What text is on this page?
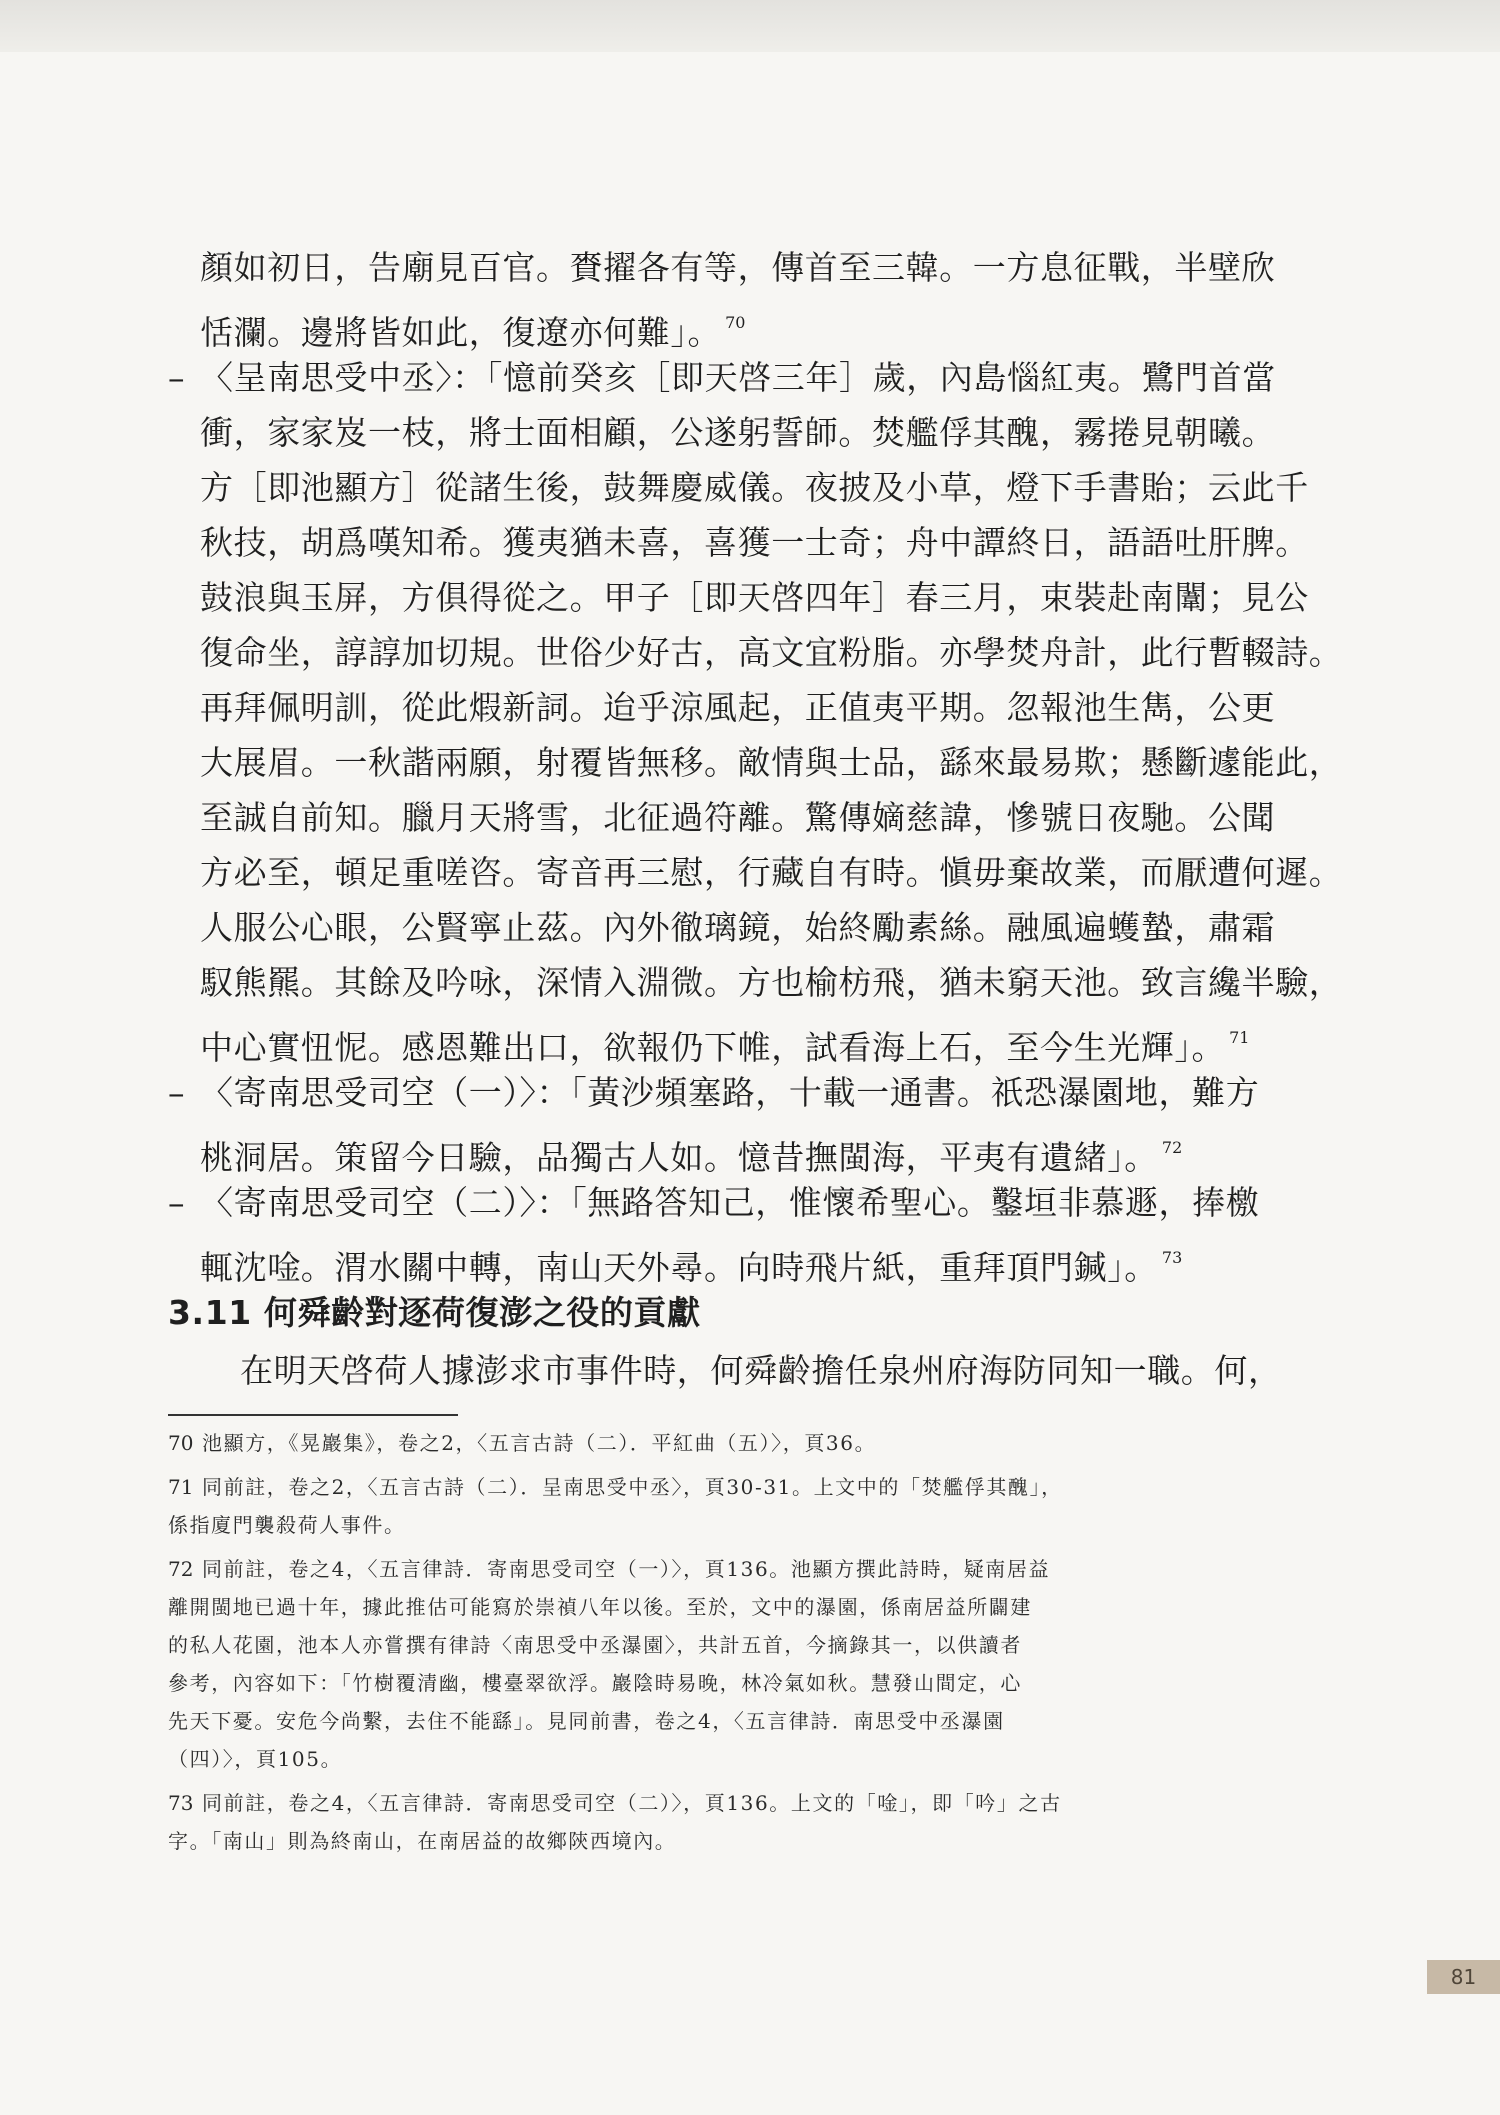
顏如初日，告廟見百官。賚擢各有等，傳首至三韓。一方息征戰，半壁欣
恬瀾。邊將皆如此，復遼亦何難」。 $^{70}$
– 〈呈南思受中丞〉：「憶前癸亥［即天啓三年］歲，內島惱紅夷。鷺門首當
衝，家家岌一枝，將士面相顧，公遂躬誓師。焚艦俘其醜，霧捲見朝曦。
方［即池顯方］從諸生後，鼓舞慶威儀。夜披及小草，燈下手書貽；云此千
秋技，胡爲嘆知希。獲夷猶未喜，喜獲一士奇；舟中譚終日，語語吐肝脾。
鼓浪與玉屏，方俱得從之。甲子［即天啓四年］春三月，束裝赴南闈；見公
復命坐，諄諄加切規。世俗少好古，高文宜粉脂。亦學焚舟計，此行暫輟詩。
再拜佩明訓，從此煆新詞。迨乎涼風起，正值夷平期。忽報池生雋，公更
大展眉。一秋諧兩願，射覆皆無移。敵情與士品，繇來最易欺；懸斷遽能此，
至誠自前知。臘月天將雪，北征過符離。驚傳嫡慈諱，慘號日夜馳。公聞
方必至，頓足重嗟咨。寄音再三慰，行藏自有時。愼毋棄故業，而厭遭何遲。
人服公心眼，公賢寧止茲。內外徹璃鏡，始終勵素絲。融風遍蠖蟄，肅霜
馭熊羆。其餘及吟咏，深情入淵微。方也榆枋飛，猶未窮天池。致言纔半驗，
中心實忸怩。感恩難出口，欲報仍下帷，試看海上石，至今生光輝」。 $^{71}$
– 〈寄南思受司空（一）〉：「黃沙頻塞路，十載一通書。祇恐瀑園地，難方
桃洞居。策留今日驗，品獨古人如。憶昔撫閩海，平夷有遺緒」。 $^{72}$
– 〈寄南思受司空（二）〉：「無路答知己，惟懷希聖心。鑿垣非慕遯，捧檄
輒沈唫。渭水關中轉，南山天外尋。向時飛片紙，重拜頂門鍼」。 $^{73}$
3.11 何舜齡對逐荷復澎之役的貢獻
在明天啓荷人據澎求市事件時，何舜齡擔任泉州府海防同知一職。何，
70 池顯方，《晃巖集》，卷之2，〈五言古詩（二）．平紅曲（五）〉，頁36。
71 同前註，卷之2，〈五言古詩（二）．呈南思受中丞〉，頁30-31。上文中的「焚艦俘其醜」，
係指廈門襲殺荷人事件。
72 同前註，卷之4，〈五言律詩．寄南思受司空（一）〉，頁136。池顯方撰此詩時，疑南居益
離開閩地已過十年，據此推估可能寫於崇禎八年以後。至於，文中的瀑園，係南居益所闢建
的私人花園，池本人亦嘗撰有律詩〈南思受中丞瀑園〉，共計五首，今摘錄其一，以供讀者
參考，內容如下：「竹樹覆清幽，樓臺翠欲浮。巖陰時易晚，林冷氣如秋。慧發山間定，心
先天下憂。安危今尚繫，去住不能繇」。見同前書，卷之4，〈五言律詩．南思受中丞瀑園
（四）〉，頁105。
73 同前註，卷之4，〈五言律詩．寄南思受司空（二）〉，頁136。上文的「唫」，即「吟」之古
字。「南山」則為終南山，在南居益的故鄉陝西境內。
81
